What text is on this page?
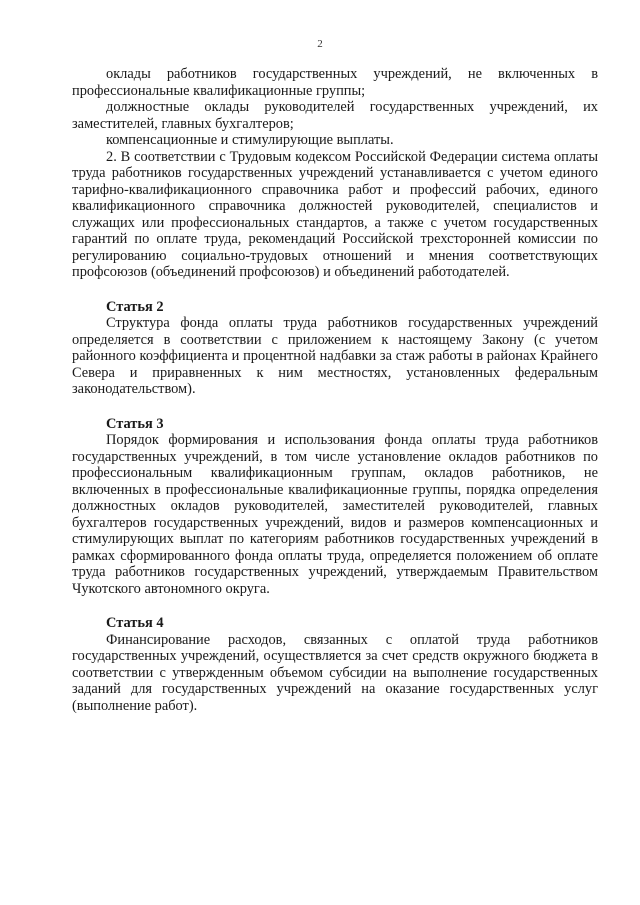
2

оклады работников государственных учреждений, не включенных в профессиональные квалификационные группы;

должностные оклады руководителей государственных учреждений, их заместителей, главных бухгалтеров;

компенсационные и стимулирующие выплаты.

2. В соответствии с Трудовым кодексом Российской Федерации система оплаты труда работников государственных учреждений устанавливается с учетом единого тарифно-квалификационного справочника работ и профессий рабочих, единого квалификационного справочника должностей руководителей, специалистов и служащих или профессиональных стандартов, а также с учетом государственных гарантий по оплате труда, рекомендаций Российской трехсторонней комиссии по регулированию социально-трудовых отношений и мнения соответствующих профсоюзов (объединений профсоюзов) и объединений работодателей.

Статья 2

Структура фонда оплаты труда работников государственных учреждений определяется в соответствии с приложением к настоящему Закону (с учетом районного коэффициента и процентной надбавки за стаж работы в районах Крайнего Севера и приравненных к ним местностях, установленных федеральным законодательством).

Статья 3

Порядок формирования и использования фонда оплаты труда работников государственных учреждений, в том числе установление окладов работников по профессиональным квалификационным группам, окладов работников, не включенных в профессиональные квалификационные группы, порядка определения должностных окладов руководителей, заместителей руководителей, главных бухгалтеров государственных учреждений, видов и размеров компенсационных и стимулирующих выплат по категориям работников государственных учреждений в рамках сформированного фонда оплаты труда, определяется положением об оплате труда работников государственных учреждений, утверждаемым Правительством Чукотского автономного округа.

Статья 4

Финансирование расходов, связанных с оплатой труда работников государственных учреждений, осуществляется за счет средств окружного бюджета в соответствии с утвержденным объемом субсидии на выполнение государственных заданий для государственных учреждений на оказание государственных услуг (выполнение работ).
